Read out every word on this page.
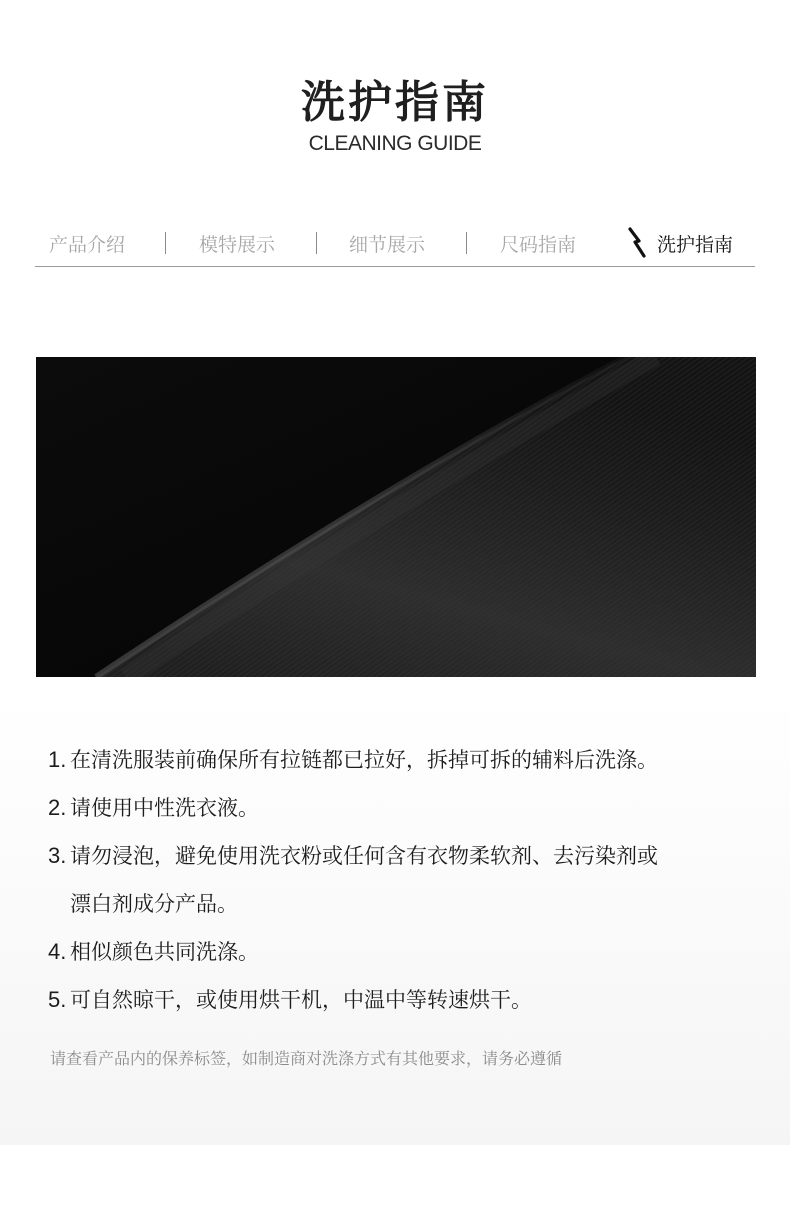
洗护指南
CLEANING GUIDE
产品介绍	模特展示	细节展示	尺码指南	洗护指南
1. 在清洗服装前确保所有拉链都已拉好，拆掉可拆的辅料后洗涤。
2. 请使用中性洗衣液。
3. 请勿浸泡，避免使用洗衣粉或任何含有衣物柔软剂、去污染剂或
漂白剂成分产品。
4. 相似颜色共同洗涤。
5. 可自然晾干，或使用烘干机，中温中等转速烘干。
请查看产品内的保养标签，如制造商对洗涤方式有其他要求，请务必遵循
